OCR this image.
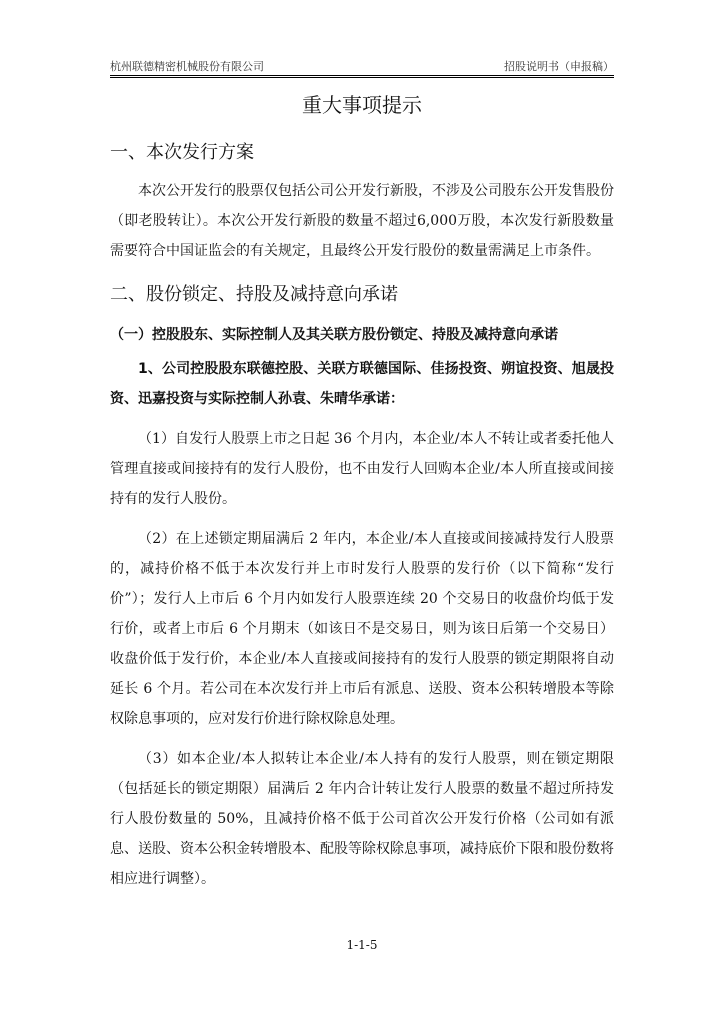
杭州联德精密机械股份有限公司	招股说明书（申报稿）
重大事项提示
一、本次发行方案

本次公开发行的股票仅包括公司公开发行新股，不涉及公司股东公开发售股份（即老股转让）。本次公开发行新股的数量不超过6,000万股，本次发行新股数量需要符合中国证监会的有关规定，且最终公开发行股份的数量需满足上市条件。

二、股份锁定、持股及减持意向承诺
（一）控股股东、实际控制人及其关联方股份锁定、持股及减持意向承诺

1、公司控股股东联德控股、关联方联德国际、佳扬投资、朔谊投资、旭晟投资、迅嘉投资与实际控制人孙袁、朱晴华承诺：

（1）自发行人股票上市之日起 36 个月内，本企业/本人不转让或者委托他人管理直接或间接持有的发行人股份，也不由发行人回购本企业/本人所直接或间接持有的发行人股份。

（2）在上述锁定期届满后 2 年内，本企业/本人直接或间接减持发行人股票的，减持价格不低于本次发行并上市时发行人股票的发行价（以下简称“发行价”）；发行人上市后 6 个月内如发行人股票连续 20 个交易日的收盘价均低于发行价，或者上市后 6 个月期末（如该日不是交易日，则为该日后第一个交易日）收盘价低于发行价，本企业/本人直接或间接持有的发行人股票的锁定期限将自动延长 6 个月。若公司在本次发行并上市后有派息、送股、资本公积转增股本等除权除息事项的，应对发行价进行除权除息处理。

（3）如本企业/本人拟转让本企业/本人持有的发行人股票，则在锁定期限（包括延长的锁定期限）届满后 2 年内合计转让发行人股票的数量不超过所持发行人股份数量的 50%，且减持价格不低于公司首次公开发行价格（公司如有派息、送股、资本公积金转增股本、配股等除权除息事项，减持底价下限和股份数将相应进行调整）。

1-1-5
